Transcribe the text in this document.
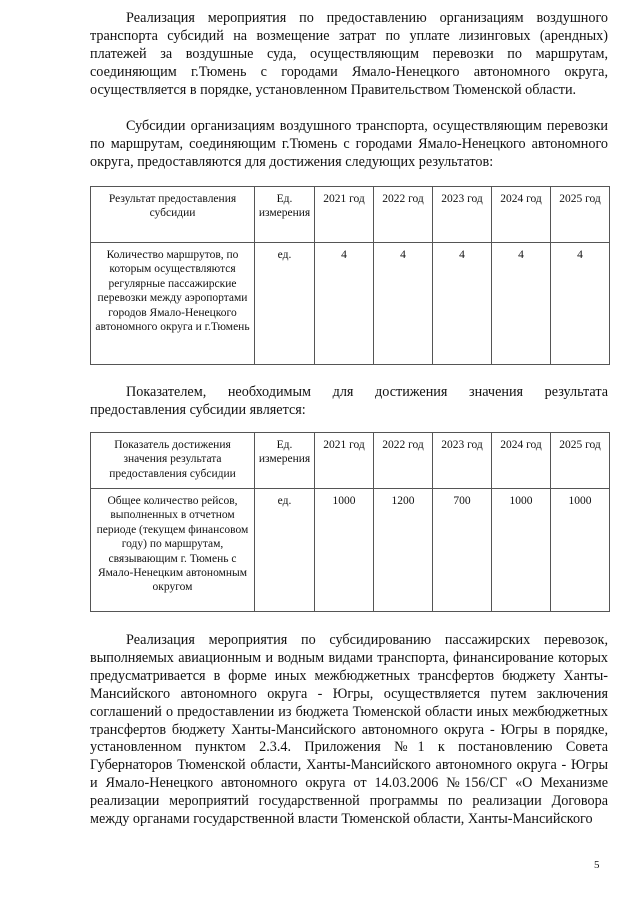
Реализация мероприятия по предоставлению организациям воздушного транспорта субсидий на возмещение затрат по уплате лизинговых (арендных) платежей за воздушные суда, осуществляющим перевозки по маршрутам, соединяющим г.Тюмень с городами Ямало-Ненецкого автономного округа, осуществляется в порядке, установленном Правительством Тюменской области.

Субсидии организациям воздушного транспорта, осуществляющим перевозки по маршрутам, соединяющим г.Тюмень с городами Ямало-Ненецкого автономного округа, предоставляются для достижения следующих результатов:

Результат предоставления субсидии	Ед. измерения	2021 год	2022 год	2023 год	2024 год	2025 год
Количество маршрутов, по которым осуществляются регулярные пассажирские перевозки между аэропортами городов Ямало-Ненецкого автономного округа и г.Тюмень	ед.	4	4	4	4	4

Показателем, необходимым для достижения значения результата предоставления субсидии является:

Показатель достижения значения результата предоставления субсидии	Ед. измерения	2021 год	2022 год	2023 год	2024 год	2025 год
Общее количество рейсов, выполненных в отчетном периоде (текущем финансовом году) по маршрутам, связывающим г. Тюмень с Ямало-Ненецким автономным округом	ед.	1000	1200	700	1000	1000

Реализация мероприятия по субсидированию пассажирских перевозок, выполняемых авиационным и водным видами транспорта, финансирование которых предусматривается в форме иных межбюджетных трансфертов бюджету Ханты-Мансийского автономного округа - Югры, осуществляется путем заключения соглашений о предоставлении из бюджета Тюменской области иных межбюджетных трансфертов бюджету Ханты-Мансийского автономного округа - Югры в порядке, установленном пунктом 2.3.4. Приложения №1 к постановлению Совета Губернаторов Тюменской области, Ханты-Мансийского автономного округа - Югры и Ямало-Ненецкого автономного округа от 14.03.2006 №156/СГ «О Механизме реализации мероприятий государственной программы по реализации Договора между органами государственной власти Тюменской области, Ханты-Мансийского

5
